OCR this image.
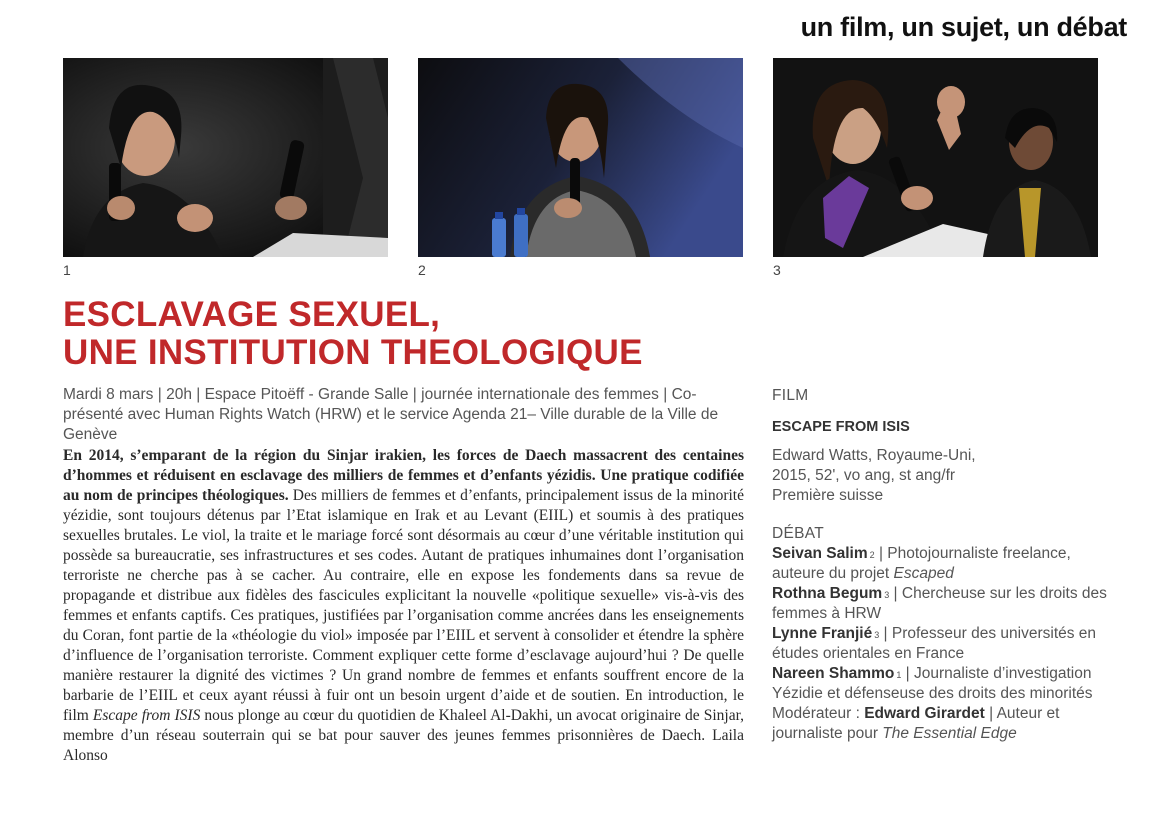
un film, un sujet, un débat
1	2	3
ESCLAVAGE SEXUEL,
UNE INSTITUTION THEOLOGIQUE

Mardi 8 mars | 20h | Espace Pitoëff - Grande Salle | journée internationale des femmes | Co-présenté avec Human Rights Watch (HRW) et le service Agenda 21– Ville durable de la Ville de Genève

En 2014, s’emparant de la région du Sinjar irakien, les forces de Daech massacrent des centaines d’hommes et réduisent en esclavage des milliers de femmes et d’enfants yézidis. Une pratique codifiée au nom de principes théologiques. Des milliers de femmes et d’enfants, principalement issus de la minorité yézidie, sont toujours détenus par l’Etat islamique en Irak et au Levant (EIIL) et soumis à des pratiques sexuelles brutales. Le viol, la traite et le mariage forcé sont désormais au cœur d’une véritable institution qui possède sa bureaucratie, ses infrastructures et ses codes. Autant de pratiques inhumaines dont l’organisation terroriste ne cherche pas à se cacher. Au contraire, elle en expose les fondements dans sa revue de propagande et distribue aux fidèles des fascicules explicitant la nouvelle «politique sexuelle» vis-à-vis des femmes et enfants captifs. Ces pratiques, justifiées par l’organisation comme ancrées dans les enseignements du Coran, font partie de la «théologie du viol» imposée par l’EIIL et servent à consolider et étendre la sphère d’influence de l’organisation terroriste. Comment expliquer cette forme d’esclavage aujourd’hui ? De quelle manière restaurer la dignité des victimes ? Un grand nombre de femmes et enfants souffrent encore de la barbarie de l’EIIL et ceux ayant réussi à fuir ont un besoin urgent d’aide et de soutien. En introduction, le film Escape from ISIS nous plonge au cœur du quotidien de Khaleel Al-Dakhi, un avocat originaire de Sinjar, membre d’un réseau souterrain qui se bat pour sauver des jeunes femmes prisonnières de Daech. Laila Alonso

FILM
ESCAPE FROM ISIS
Edward Watts, Royaume-Uni,
2015, 52', vo ang, st ang/fr
Première suisse
DÉBAT
Seivan Salim $^2$ | Photojournaliste freelance, auteure du projet Escaped
Rothna Begum $^3$ | Chercheuse sur les droits des femmes à HRW
Lynne Franjié $^3$ | Professeur des universités en études orientales en France
Nareen Shammo $^1$ | Journaliste d’investigation Yézidie et défenseuse des droits des minorités
Modérateur : Edward Girardet | Auteur et journaliste pour The Essential Edge
